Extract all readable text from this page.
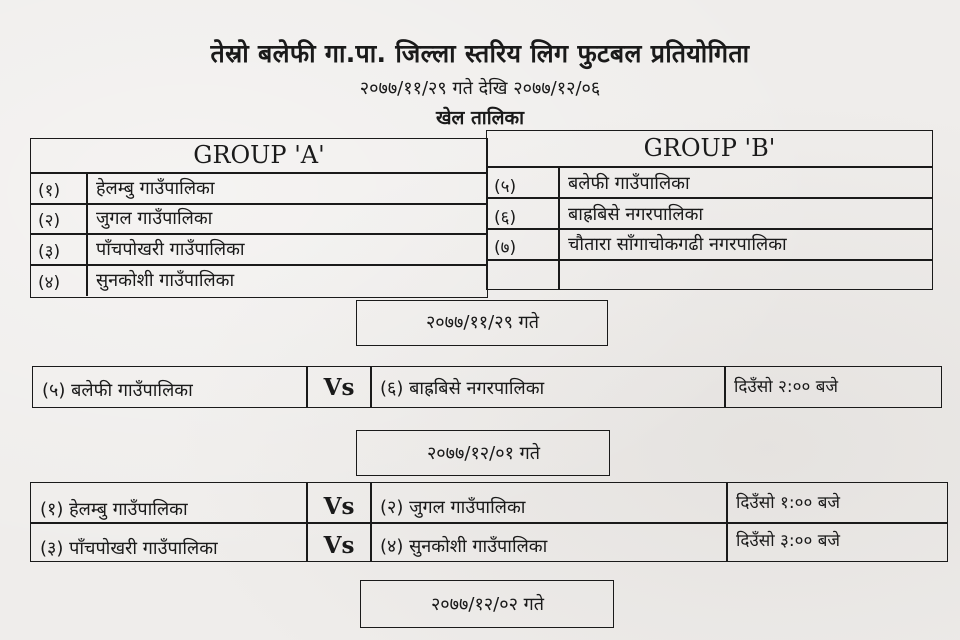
तेस्रो बलेफी गा.पा. जिल्ला स्तरिय लिग फुटबल प्रतियोगिता
२०७७/११/२९ गते देखि २०७७/१२/०६
खेल तालिका
GROUP 'A'
(१) हेलम्बु गाउँपालिका
(२) जुगल गाउँपालिका
(३) पाँचपोखरी गाउँपालिका
(४) सुनकोशी गाउँपालिका
GROUP 'B'
(५)	बलेफी गाउँपालिका
(६)	बाह्रबिसे नगरपालिका
(७)	चौतारा साँगाचोकगढी नगरपालिका
२०७७/११/२९ गते
(५) बलेफी गाउँपालिका	Vs	(६) बाह्रबिसे नगरपालिका	दिउँसो २:०० बजे
२०७७/१२/०१ गते
(१) हेलम्बु गाउँपालिका	Vs	(२) जुगल गाउँपालिका	दिउँसो १:०० बजे
(३) पाँचपोखरी गाउँपालिका	Vs	(४) सुनकोशी गाउँपालिका	दिउँसो ३:०० बजे
२०७७/१२/०२ गते
